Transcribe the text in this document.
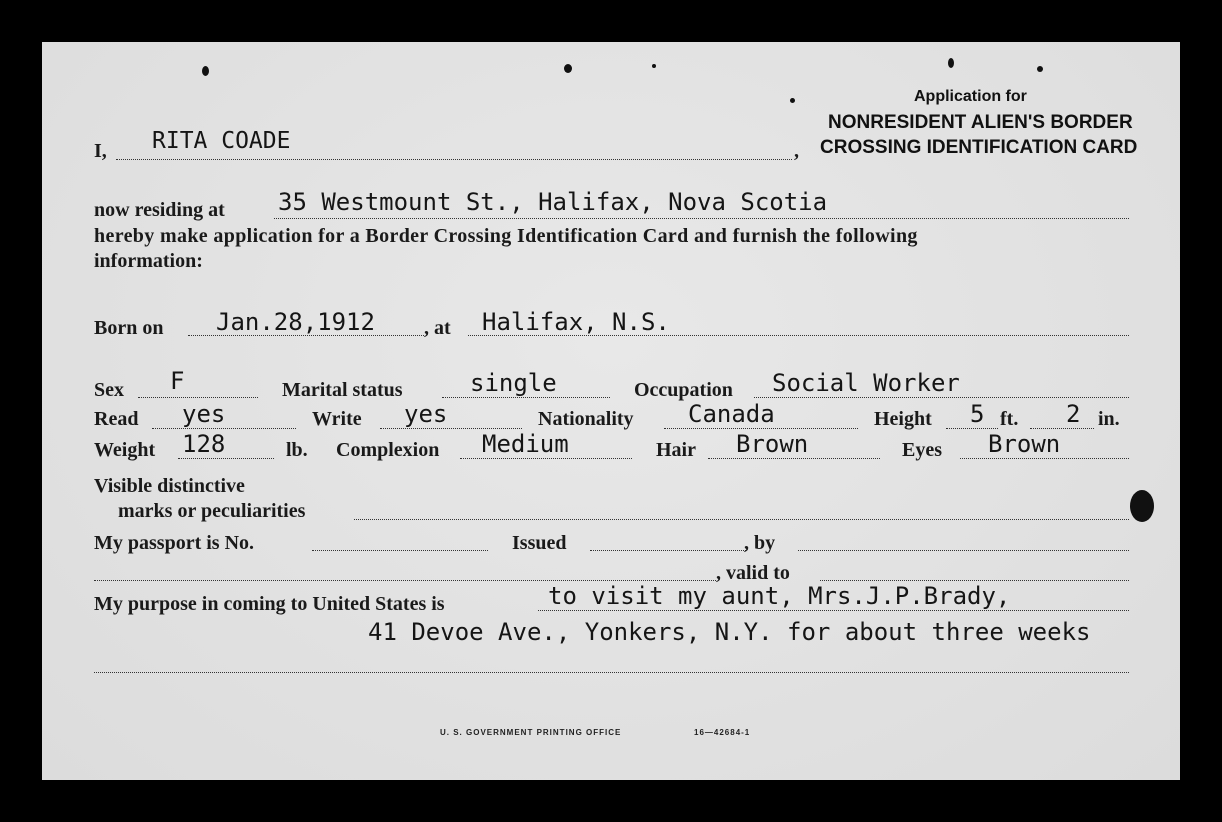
Application for
NONRESIDENT ALIEN'S BORDER
CROSSING IDENTIFICATION CARD
I, RITA COADE	,
now residing at 35 Westmount St., Halifax, Nova Scotia
hereby make application for a Border Crossing Identification Card and furnish the following
information:
Born on Jan.28,1912 , at Halifax, N.S.
Sex F	Marital status	single	Occupation Social Worker
Read yes	Write yes	Nationality Canada	Height 5 ft. 2 in.
Weight 128	lb. Complexion Medium	Hair Brown	Eyes Brown
Visible distinctive
marks or peculiarities
My passport is No.	Issued	, by
, valid to
My purpose in coming to United States is	to visit my aunt, Mrs.J.P.Brady,
41 Devoe Ave., Yonkers, N.Y. for about three weeks
U. S. GOVERNMENT PRINTING OFFICE	16—42684-1
